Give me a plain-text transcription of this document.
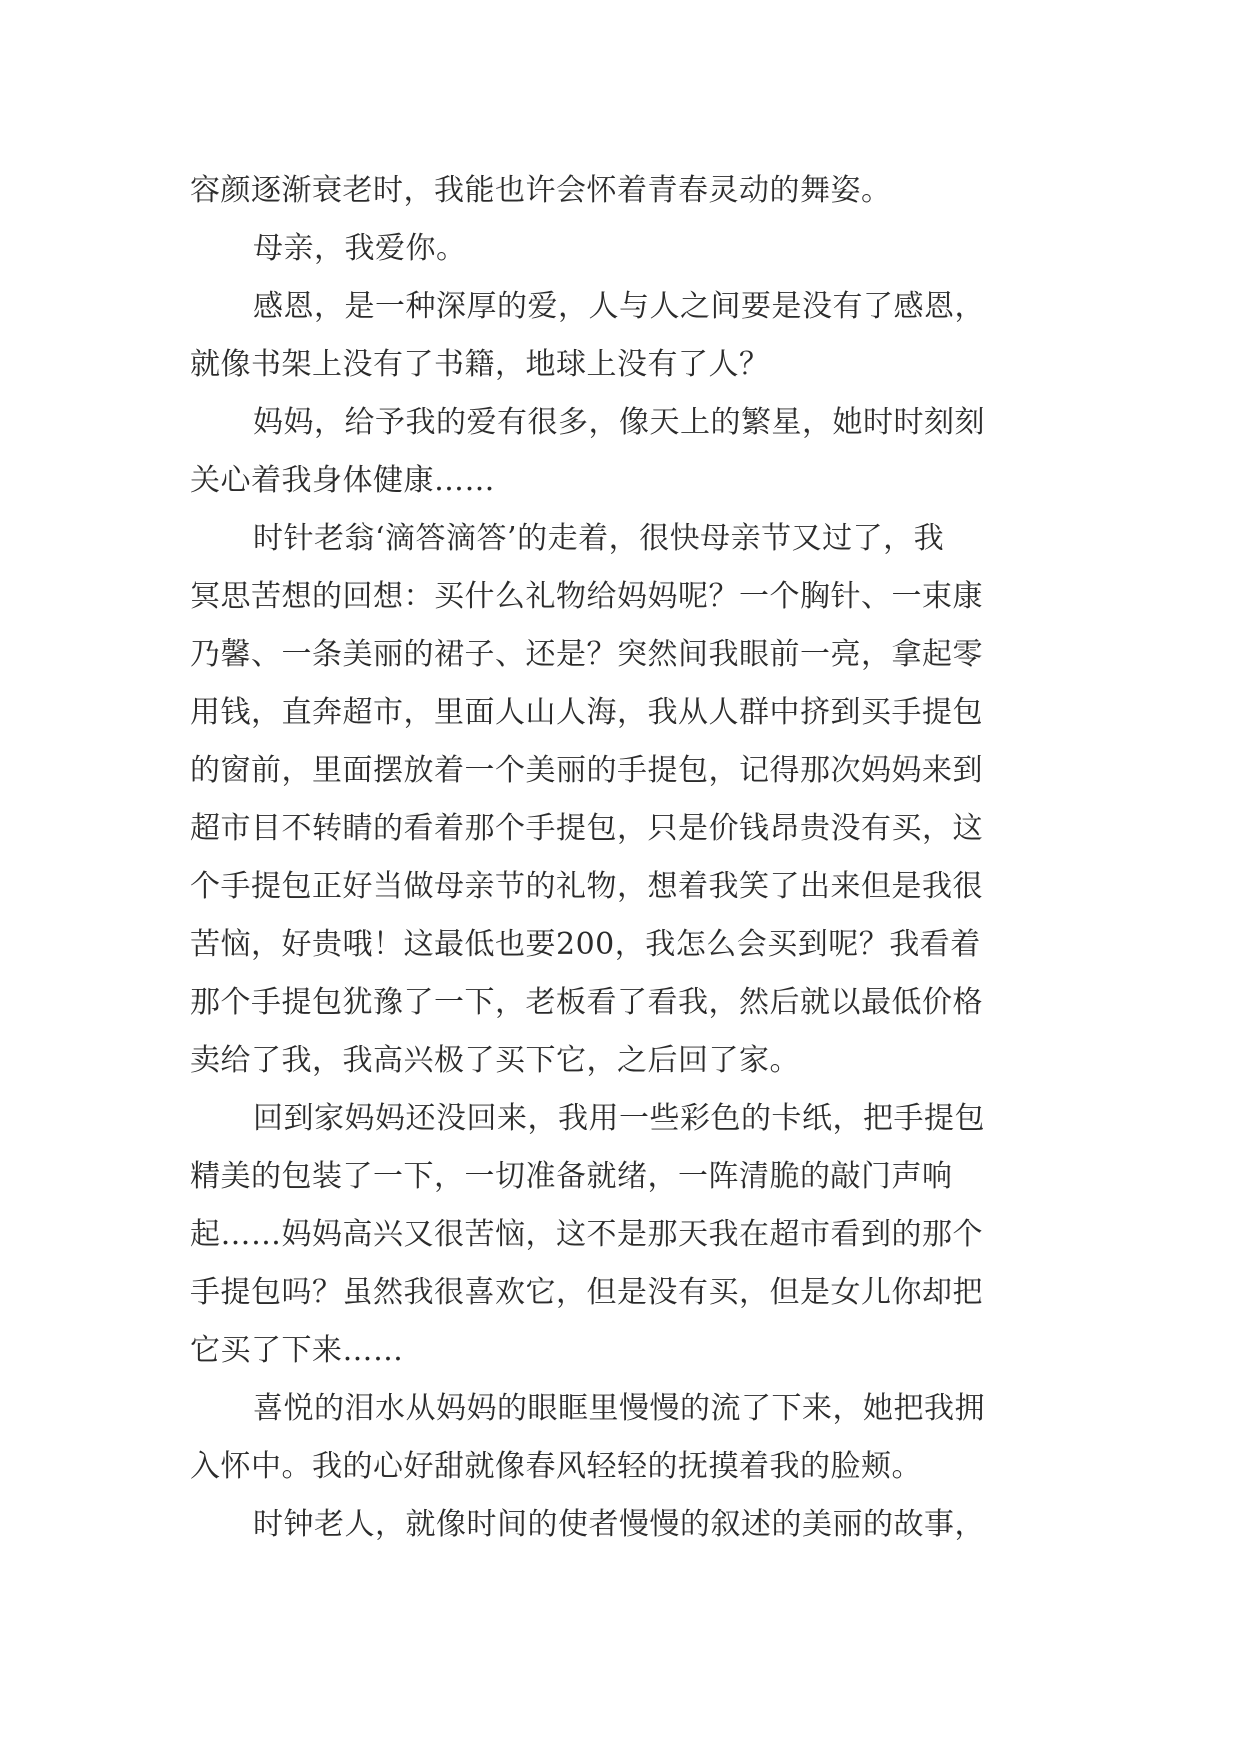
容颜逐渐衰老时，我能也许会怀着青春灵动的舞姿。
母亲，我爱你。
感恩，是一种深厚的爱，人与人之间要是没有了感恩，
就像书架上没有了书籍，地球上没有了人？
妈妈，给予我的爱有很多，像天上的繁星，她时时刻刻
关心着我身体健康……
时针老翁‘滴答滴答’的走着，很快母亲节又过了，我
冥思苦想的回想：买什么礼物给妈妈呢？一个胸针、一束康
乃馨、一条美丽的裙子、还是？突然间我眼前一亮，拿起零
用钱，直奔超市，里面人山人海，我从人群中挤到买手提包
的窗前，里面摆放着一个美丽的手提包，记得那次妈妈来到
超市目不转睛的看着那个手提包，只是价钱昂贵没有买，这
个手提包正好当做母亲节的礼物，想着我笑了出来但是我很
苦恼，好贵哦！这最低也要200，我怎么会买到呢？我看着
那个手提包犹豫了一下，老板看了看我，然后就以最低价格
卖给了我，我高兴极了买下它，之后回了家。
回到家妈妈还没回来，我用一些彩色的卡纸，把手提包
精美的包装了一下，一切准备就绪，一阵清脆的敲门声响
起……妈妈高兴又很苦恼，这不是那天我在超市看到的那个
手提包吗？虽然我很喜欢它，但是没有买，但是女儿你却把
它买了下来……
喜悦的泪水从妈妈的眼眶里慢慢的流了下来，她把我拥
入怀中。我的心好甜就像春风轻轻的抚摸着我的脸颊。
时钟老人，就像时间的使者慢慢的叙述的美丽的故事，
